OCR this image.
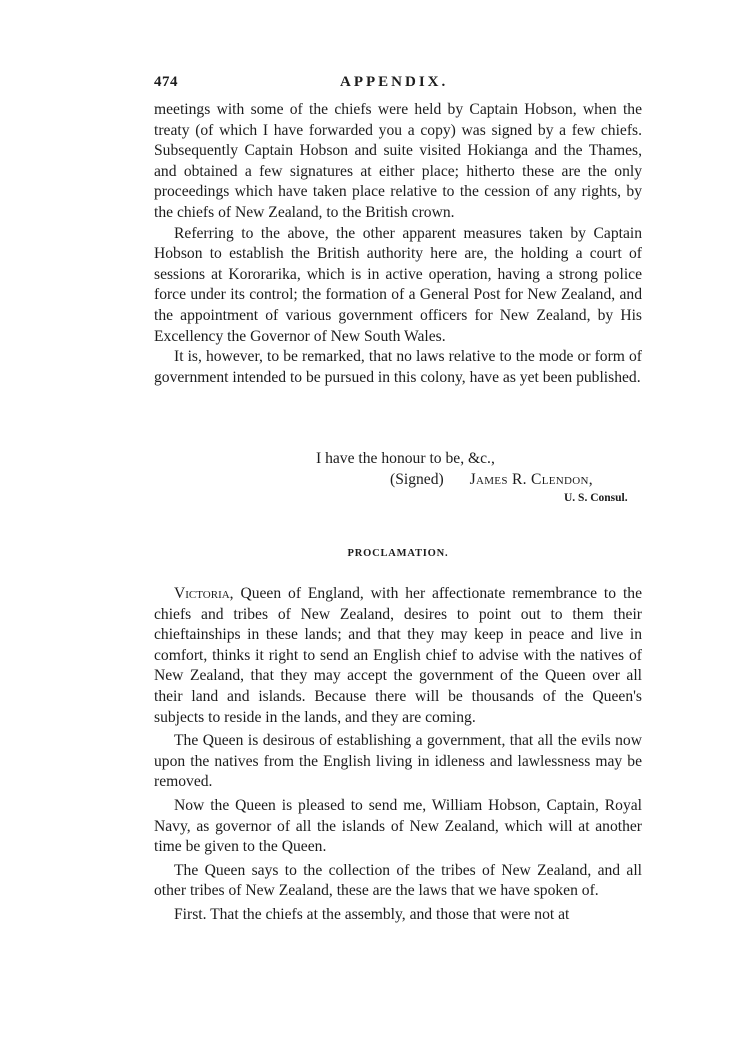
474	APPENDIX.

meetings with some of the chiefs were held by Captain Hobson, when the treaty (of which I have forwarded you a copy) was signed by a few chiefs. Subsequently Captain Hobson and suite visited Hokianga and the Thames, and obtained a few signatures at either place; hitherto these are the only proceedings which have taken place relative to the cession of any rights, by the chiefs of New Zealand, to the British crown.

Referring to the above, the other apparent measures taken by Captain Hobson to establish the British authority here are, the holding a court of sessions at Kororarika, which is in active operation, having a strong police force under its control; the formation of a General Post for New Zealand, and the appointment of various government officers for New Zealand, by His Excellency the Governor of New South Wales.

It is, however, to be remarked, that no laws relative to the mode or form of government intended to be pursued in this colony, have as yet been published.

I have the honour to be, &c.,
(Signed) James R. Clendon,
U. S. Consul.
PROCLAMATION.

Victoria, Queen of England, with her affectionate remembrance to the chiefs and tribes of New Zealand, desires to point out to them their chieftainships in these lands; and that they may keep in peace and live in comfort, thinks it right to send an English chief to advise with the natives of New Zealand, that they may accept the government of the Queen over all their land and islands. Because there will be thousands of the Queen's subjects to reside in the lands, and they are coming.

The Queen is desirous of establishing a government, that all the evils now upon the natives from the English living in idleness and lawlessness may be removed.

Now the Queen is pleased to send me, William Hobson, Captain, Royal Navy, as governor of all the islands of New Zealand, which will at another time be given to the Queen.

The Queen says to the collection of the tribes of New Zealand, and all other tribes of New Zealand, these are the laws that we have spoken of.

First. That the chiefs at the assembly, and those that were not at
